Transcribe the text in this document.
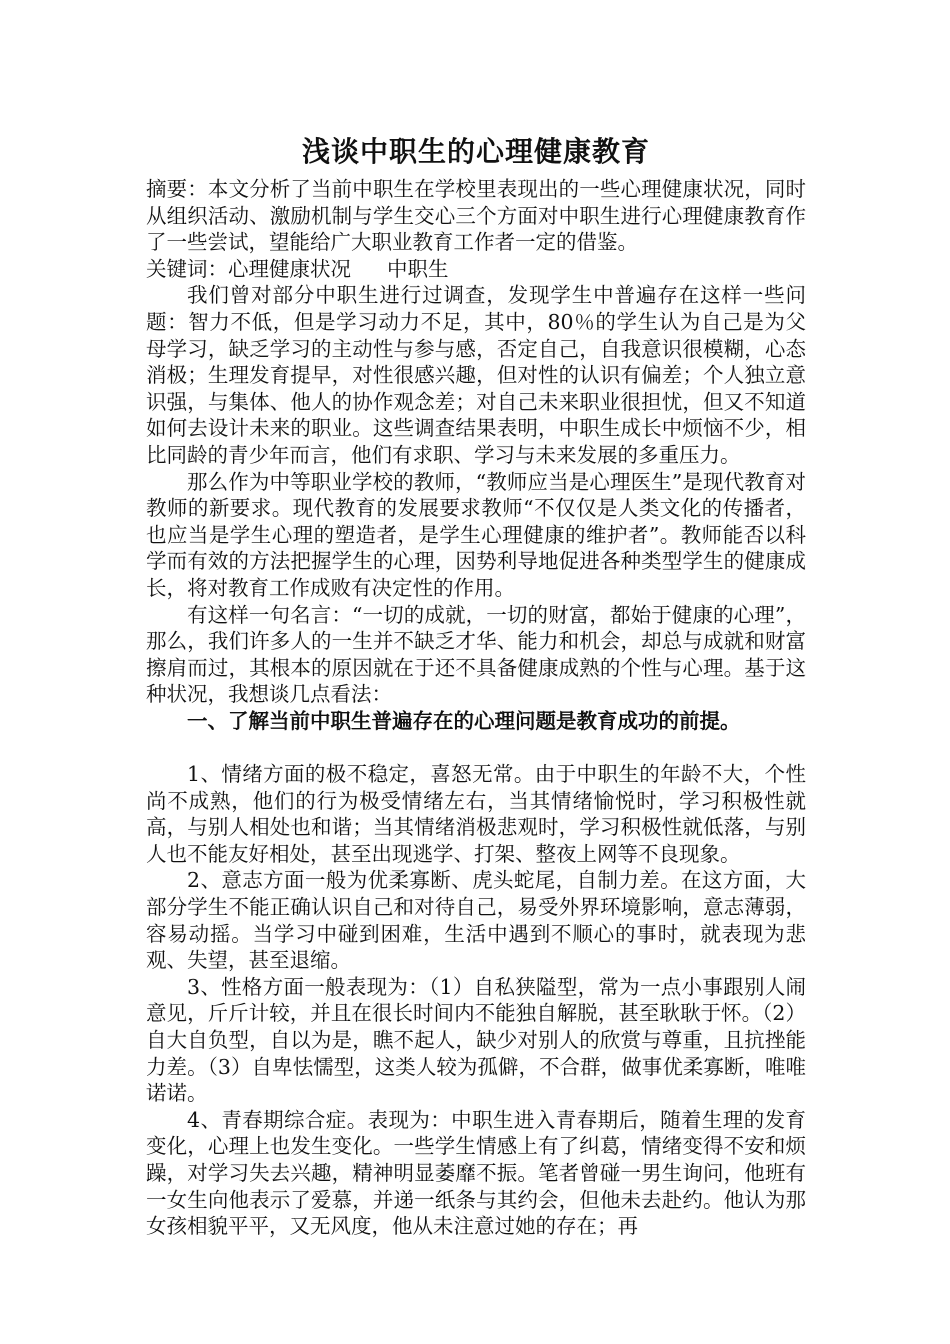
浅谈中职生的心理健康教育

摘要：本文分析了当前中职生在学校里表现出的一些心理健康状况，同时从组织活动、激励机制与学生交心三个方面对中职生进行心理健康教育作了一些尝试，望能给广大职业教育工作者一定的借鉴。

关键词：心理健康状况 中职生

我们曾对部分中职生进行过调查，发现学生中普遍存在这样一些问题：智力不低，但是学习动力不足，其中，80％的学生认为自己是为父母学习，缺乏学习的主动性与参与感，否定自己，自我意识很模糊，心态消极；生理发育提早，对性很感兴趣，但对性的认识有偏差；个人独立意识强，与集体、他人的协作观念差；对自己未来职业很担忧，但又不知道如何去设计未来的职业。这些调查结果表明，中职生成长中烦恼不少，相比同龄的青少年而言，他们有求职、学习与未来发展的多重压力。

那么作为中等职业学校的教师，“教师应当是心理医生”是现代教育对教师的新要求。现代教育的发展要求教师“不仅仅是人类文化的传播者，也应当是学生心理的塑造者，是学生心理健康的维护者”。教师能否以科学而有效的方法把握学生的心理，因势利导地促进各种类型学生的健康成长，将对教育工作成败有决定性的作用。

有这样一句名言：“一切的成就，一切的财富，都始于健康的心理”，那么，我们许多人的一生并不缺乏才华、能力和机会，却总与成就和财富擦肩而过，其根本的原因就在于还不具备健康成熟的个性与心理。基于这种状况，我想谈几点看法：

一、了解当前中职生普遍存在的心理问题是教育成功的前提。

1、情绪方面的极不稳定，喜怒无常。由于中职生的年龄不大，个性尚不成熟，他们的行为极受情绪左右，当其情绪愉悦时，学习积极性就高，与别人相处也和谐；当其情绪消极悲观时，学习积极性就低落，与别人也不能友好相处，甚至出现逃学、打架、整夜上网等不良现象。

2、意志方面一般为优柔寡断、虎头蛇尾，自制力差。在这方面，大部分学生不能正确认识自己和对待自己，易受外界环境影响，意志薄弱，容易动摇。当学习中碰到困难，生活中遇到不顺心的事时，就表现为悲观、失望，甚至退缩。

3、性格方面一般表现为：（1）自私狭隘型，常为一点小事跟别人闹意见，斤斤计较，并且在很长时间内不能独自解脱，甚至耿耿于怀。（2）自大自负型，自以为是，瞧不起人，缺少对别人的欣赏与尊重，且抗挫能力差。（3）自卑怯懦型，这类人较为孤僻，不合群，做事优柔寡断，唯唯诺诺。

4、青春期综合症。表现为：中职生进入青春期后，随着生理的发育变化，心理上也发生变化。一些学生情感上有了纠葛，情绪变得不安和烦躁，对学习失去兴趣，精神明显萎靡不振。笔者曾碰一男生询问，他班有一女生向他表示了爱慕，并递一纸条与其约会，但他未去赴约。他认为那女孩相貌平平，又无风度，他从未注意过她的存在；再
